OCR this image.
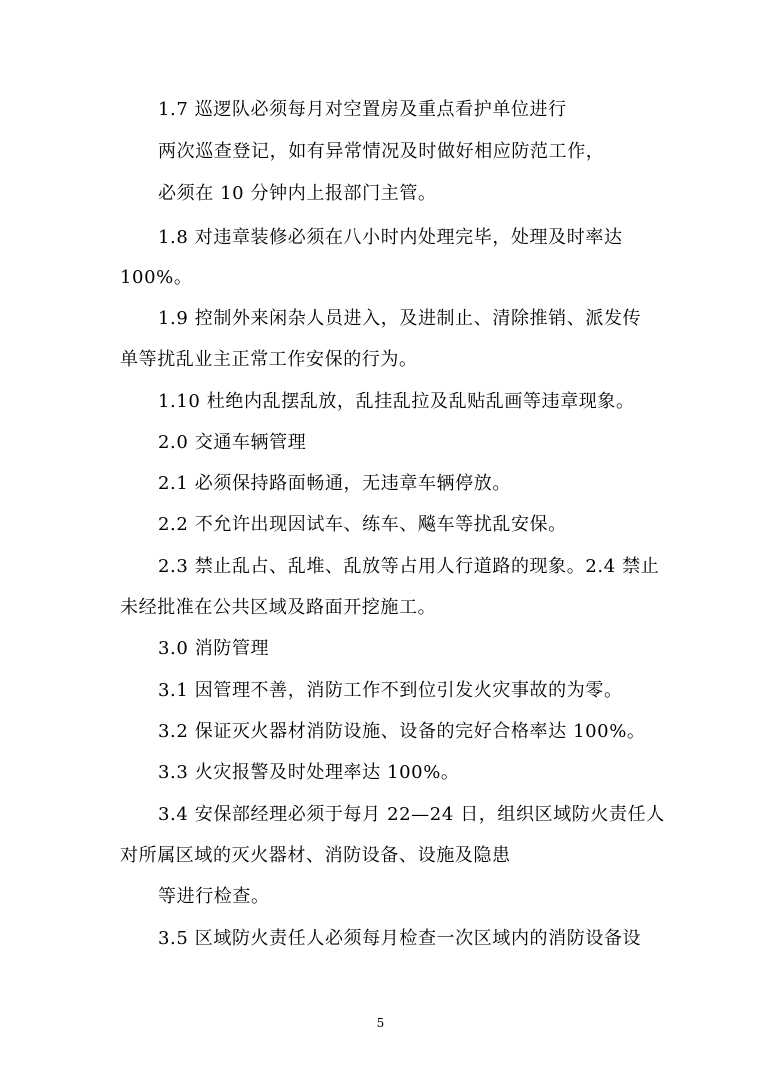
1.7 巡逻队必须每月对空置房及重点看护单位进行
两次巡查登记，如有异常情况及时做好相应防范工作，
必须在 10 分钟内上报部门主管。
1.8 对违章装修必须在八小时内处理完毕，处理及时率达
100%。
1.9 控制外来闲杂人员进入，及进制止、清除推销、派发传
单等扰乱业主正常工作安保的行为。
1.10 杜绝内乱摆乱放，乱挂乱拉及乱贴乱画等违章现象。
2.0 交通车辆管理
2.1 必须保持路面畅通，无违章车辆停放。
2.2 不允许出现因试车、练车、飚车等扰乱安保。
2.3 禁止乱占、乱堆、乱放等占用人行道路的现象。2.4 禁止
未经批准在公共区域及路面开挖施工。
3.0 消防管理
3.1 因管理不善，消防工作不到位引发火灾事故的为零。
3.2 保证灭火器材消防设施、设备的完好合格率达 100%。
3.3 火灾报警及时处理率达 100%。
3.4 安保部经理必须于每月 22—24 日，组织区域防火责任人
对所属区域的灭火器材、消防设备、设施及隐患
等进行检查。
3.5 区域防火责任人必须每月检查一次区域内的消防设备设
5
